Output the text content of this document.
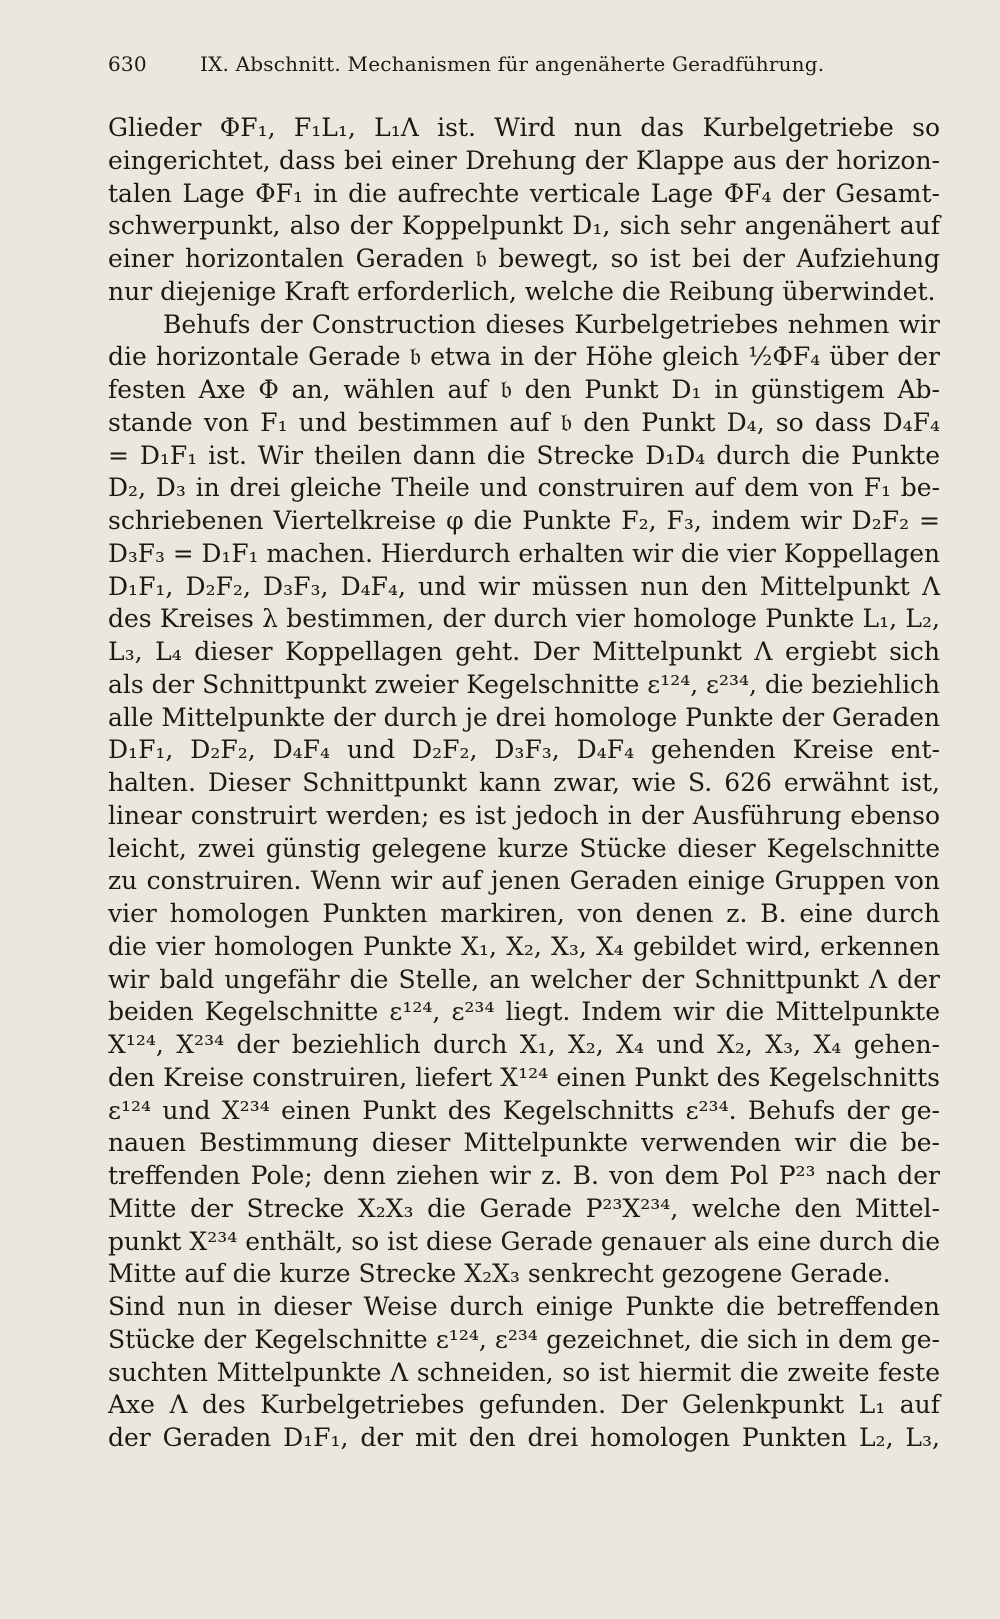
630	IX. Abschnitt. Mechanismen für angenäherte Geradführung.
Glieder ΦF₁, F₁L₁, L₁Λ ist. Wird nun das Kurbelgetriebe so
eingerichtet, dass bei einer Drehung der Klappe aus der horizon-
talen Lage ΦF₁ in die aufrechte verticale Lage ΦF₄ der Gesamt-
schwerpunkt, also der Koppelpunkt D₁, sich sehr angenähert auf
einer horizontalen Geraden 𝔟 bewegt, so ist bei der Aufziehung
nur diejenige Kraft erforderlich, welche die Reibung überwindet.
Behufs der Construction dieses Kurbelgetriebes nehmen wir
die horizontale Gerade 𝔟 etwa in der Höhe gleich ½ΦF₄ über der
festen Axe Φ an, wählen auf 𝔟 den Punkt D₁ in günstigem Ab-
stande von F₁ und bestimmen auf 𝔟 den Punkt D₄, so dass D₄F₄
= D₁F₁ ist. Wir theilen dann die Strecke D₁D₄ durch die Punkte
D₂, D₃ in drei gleiche Theile und construiren auf dem von F₁ be-
schriebenen Viertelkreise φ die Punkte F₂, F₃, indem wir D₂F₂ =
D₃F₃ = D₁F₁ machen. Hierdurch erhalten wir die vier Koppellagen
D₁F₁, D₂F₂, D₃F₃, D₄F₄, und wir müssen nun den Mittelpunkt Λ
des Kreises λ bestimmen, der durch vier homologe Punkte L₁, L₂,
L₃, L₄ dieser Koppellagen geht. Der Mittelpunkt Λ ergiebt sich
als der Schnittpunkt zweier Kegelschnitte ε¹²⁴, ε²³⁴, die beziehlich
alle Mittelpunkte der durch je drei homologe Punkte der Geraden
D₁F₁, D₂F₂, D₄F₄ und D₂F₂, D₃F₃, D₄F₄ gehenden Kreise ent-
halten. Dieser Schnittpunkt kann zwar, wie S. 626 erwähnt ist,
linear construirt werden; es ist jedoch in der Ausführung ebenso
leicht, zwei günstig gelegene kurze Stücke dieser Kegelschnitte
zu construiren. Wenn wir auf jenen Geraden einige Gruppen von
vier homologen Punkten markiren, von denen z. B. eine durch
die vier homologen Punkte X₁, X₂, X₃, X₄ gebildet wird, erkennen
wir bald ungefähr die Stelle, an welcher der Schnittpunkt Λ der
beiden Kegelschnitte ε¹²⁴, ε²³⁴ liegt. Indem wir die Mittelpunkte
X¹²⁴, X²³⁴ der beziehlich durch X₁, X₂, X₄ und X₂, X₃, X₄ gehen-
den Kreise construiren, liefert X¹²⁴ einen Punkt des Kegelschnitts
ε¹²⁴ und X²³⁴ einen Punkt des Kegelschnitts ε²³⁴. Behufs der ge-
nauen Bestimmung dieser Mittelpunkte verwenden wir die be-
treffenden Pole; denn ziehen wir z. B. von dem Pol P²³ nach der
Mitte der Strecke X₂X₃ die Gerade P²³X²³⁴, welche den Mittel-
punkt X²³⁴ enthält, so ist diese Gerade genauer als eine durch die
Mitte auf die kurze Strecke X₂X₃ senkrecht gezogene Gerade.
Sind nun in dieser Weise durch einige Punkte die betreffenden
Stücke der Kegelschnitte ε¹²⁴, ε²³⁴ gezeichnet, die sich in dem ge-
suchten Mittelpunkte Λ schneiden, so ist hiermit die zweite feste
Axe Λ des Kurbelgetriebes gefunden. Der Gelenkpunkt L₁ auf
der Geraden D₁F₁, der mit den drei homologen Punkten L₂, L₃,
